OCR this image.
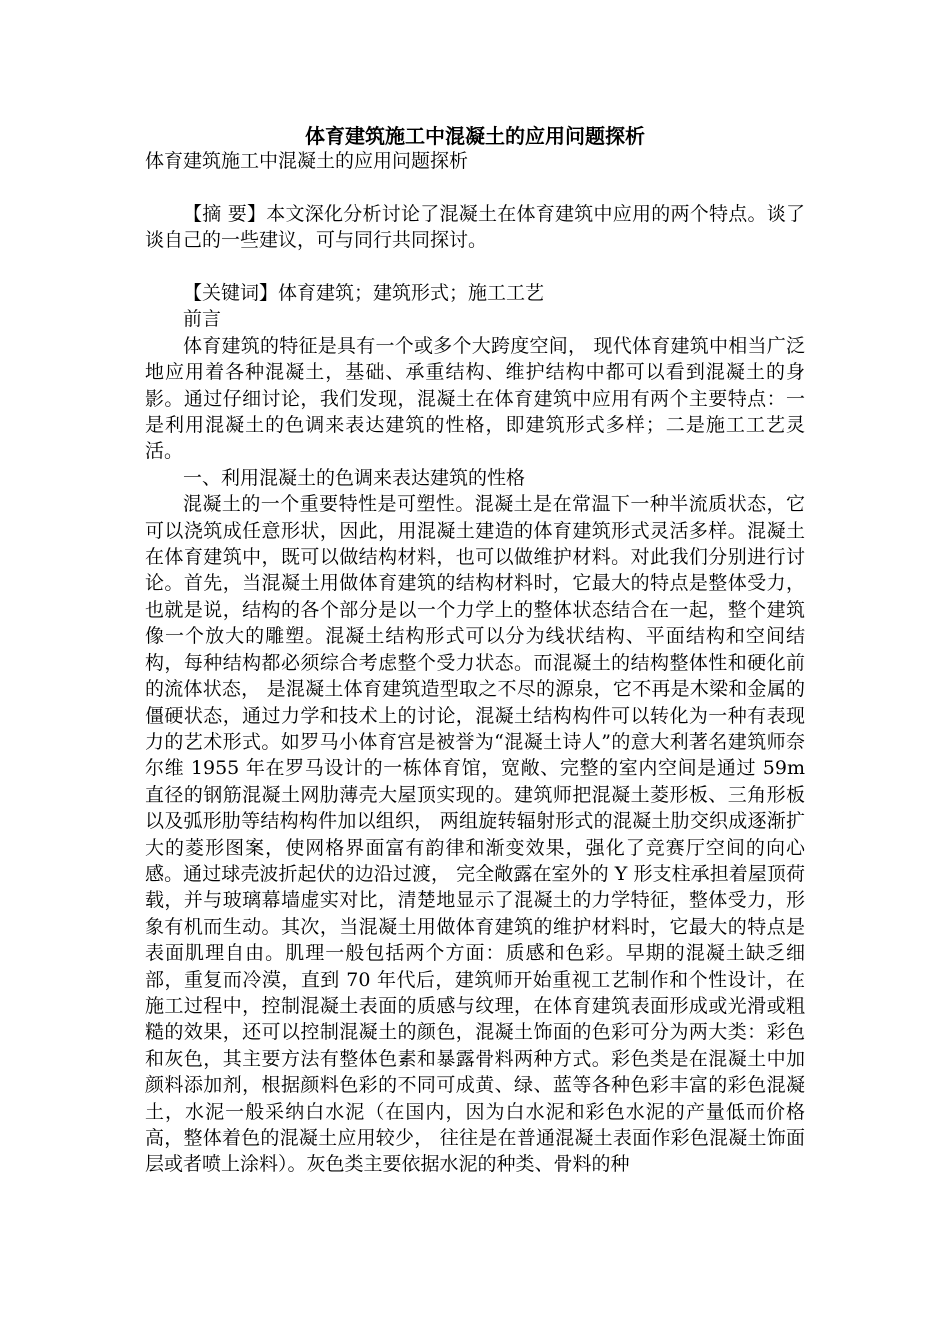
体育建筑施工中混凝土的应用问题探析

体育建筑施工中混凝土的应用问题探析

【摘 要】本文深化分析讨论了混凝土在体育建筑中应用的两个特点。谈了谈自己的一些建议，可与同行共同探讨。

【关键词】体育建筑；建筑形式；施工工艺

前言

体育建筑的特征是具有一个或多个大跨度空间， 现代体育建筑中相当广泛地应用着各种混凝土，基础、承重结构、维护结构中都可以看到混凝土的身影。通过仔细讨论，我们发现，混凝土在体育建筑中应用有两个主要特点：一是利用混凝土的色调来表达建筑的性格，即建筑形式多样；二是施工工艺灵活。

一、利用混凝土的色调来表达建筑的性格

混凝土的一个重要特性是可塑性。混凝土是在常温下一种半流质状态，它可以浇筑成任意形状，因此，用混凝土建造的体育建筑形式灵活多样。混凝土在体育建筑中，既可以做结构材料，也可以做维护材料。对此我们分别进行讨论。首先，当混凝土用做体育建筑的结构材料时，它最大的特点是整体受力，也就是说，结构的各个部分是以一个力学上的整体状态结合在一起，整个建筑像一个放大的雕塑。混凝土结构形式可以分为线状结构、平面结构和空间结构，每种结构都必须综合考虑整个受力状态。而混凝土的结构整体性和硬化前的流体状态， 是混凝土体育建筑造型取之不尽的源泉，它不再是木梁和金属的僵硬状态，通过力学和技术上的讨论，混凝土结构构件可以转化为一种有表现力的艺术形式。如罗马小体育宫是被誉为“混凝土诗人”的意大利著名建筑师奈尔维 1955 年在罗马设计的一栋体育馆，宽敞、完整的室内空间是通过 59m 直径的钢筋混凝土网肋薄壳大屋顶实现的。建筑师把混凝土菱形板、三角形板以及弧形肋等结构构件加以组织， 两组旋转辐射形式的混凝土肋交织成逐渐扩大的菱形图案，使网格界面富有韵律和渐变效果，强化了竞赛厅空间的向心感。通过球壳波折起伏的边沿过渡， 完全敞露在室外的 Y 形支柱承担着屋顶荷载，并与玻璃幕墙虚实对比，清楚地显示了混凝土的力学特征，整体受力，形象有机而生动。其次，当混凝土用做体育建筑的维护材料时，它最大的特点是表面肌理自由。肌理一般包括两个方面：质感和色彩。早期的混凝土缺乏细部，重复而冷漠，直到 70 年代后，建筑师开始重视工艺制作和个性设计，在施工过程中，控制混凝土表面的质感与纹理，在体育建筑表面形成或光滑或粗糙的效果，还可以控制混凝土的颜色，混凝土饰面的色彩可分为两大类：彩色和灰色，其主要方法有整体色素和暴露骨料两种方式。彩色类是在混凝土中加颜料添加剂，根据颜料色彩的不同可成黄、绿、蓝等各种色彩丰富的彩色混凝土，水泥一般采纳白水泥（在国内，因为白水泥和彩色水泥的产量低而价格高，整体着色的混凝土应用较少， 往往是在普通混凝土表面作彩色混凝土饰面层或者喷上涂料）。灰色类主要依据水泥的种类、骨料的种
